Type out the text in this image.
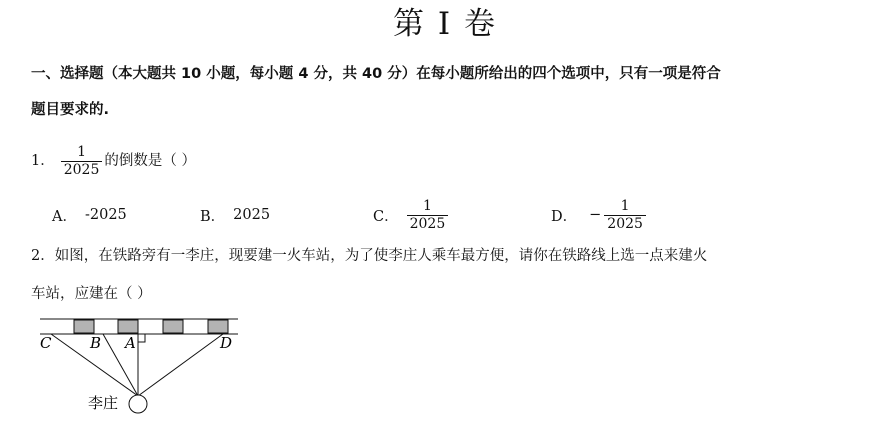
第 I 卷
一、选择题（本大题共 10 小题，每小题 4 分，共 40 分）在每小题所给出的四个选项中，只有一项是符合
题目要求的.
1． $\frac{1}{2025}$ 的倒数是（ ）
A． -2025	B． 2025	C． $\frac{1}{2025}$	D． − $\frac{1}{2025}$
2．如图，在铁路旁有一李庄，现要建一火车站，为了使李庄人乘车最方便，请你在铁路线上选一点来建火
车站，应建在（ ）
C	B A	D
李庄
